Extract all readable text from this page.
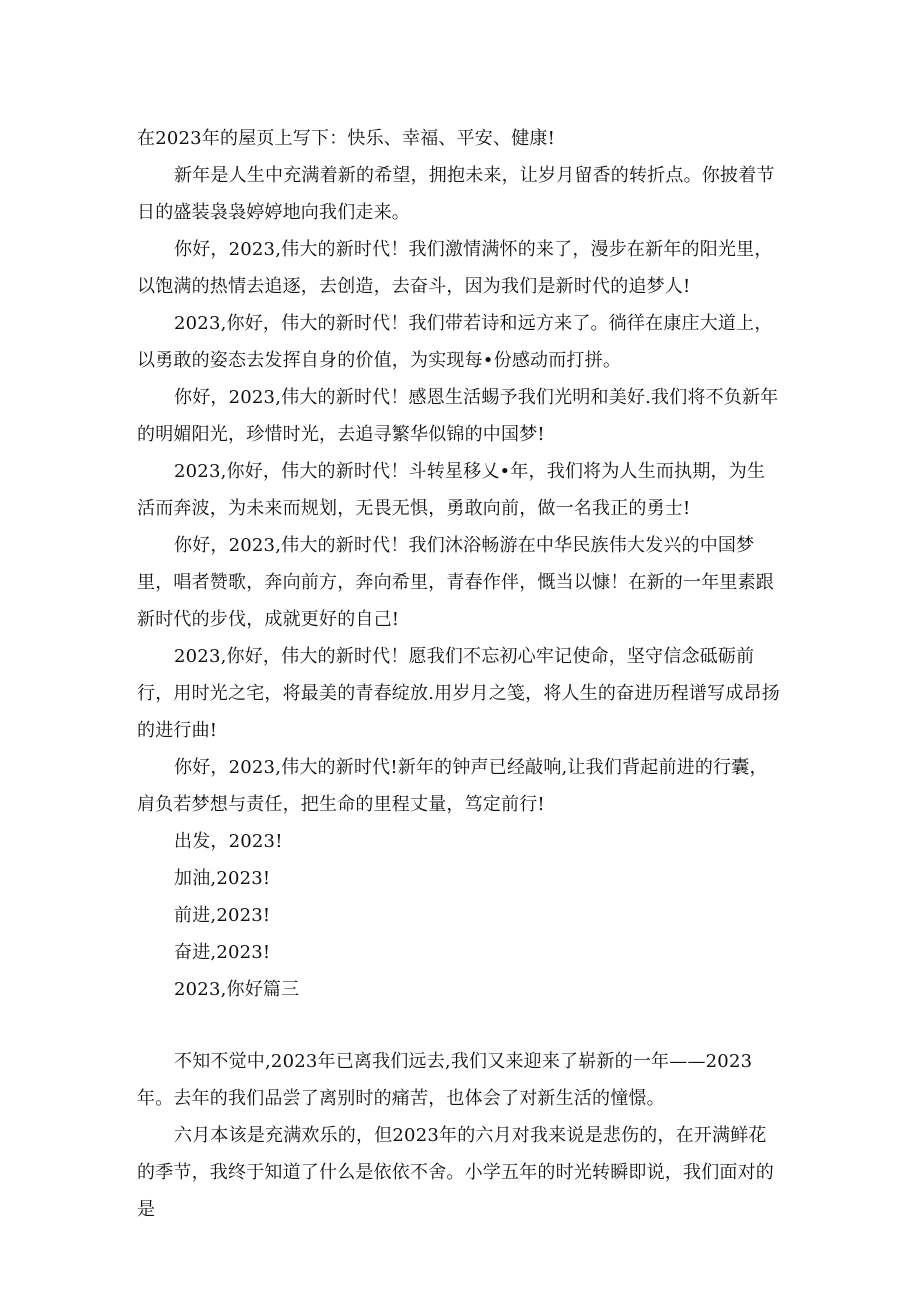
在2023年的屋页上写下：快乐、幸福、平安、健康!

新年是人生中充满着新的希望，拥抱未来，让岁月留香的转折点。你披着节日的盛装袅袅婷婷地向我们走来。

你好，2023,伟大的新时代！我们激情满怀的来了，漫步在新年的阳光里，以饱满的热情去追逐，去创造，去奋斗，因为我们是新时代的追梦人!

2023,你好，伟大的新时代！我们带若诗和远方来了。徜徉在康庄大道上，以勇敢的姿态去发挥自身的价值，为实现每•份感动而打拼。

你好，2023,伟大的新时代！感恩生活蜴予我们光明和美好.我们将不负新年的明媚阳光，珍惜时光，去追寻繁华似锦的中国梦!

2023,你好，伟大的新时代！斗转星移乂•年，我们将为人生而执期，为生活而奔波，为未来而规划，无畏无惧，勇敢向前，做一名我正的勇士!

你好，2023,伟大的新时代！我们沐浴畅游在中华民族伟大发兴的中国梦里，唱者赞歌，奔向前方，奔向希里，青春作伴，慨当以慷！在新的一年里素跟新时代的步伐，成就更好的自己!

2023,你好，伟大的新时代！愿我们不忘初心牢记使命，坚守信念砥砺前行，用时光之宅，将最美的青春绽放.用岁月之笺，将人生的奋进历程谱写成昂扬的进行曲!

你好，2023,伟大的新时代!新年的钟声已经敲响,让我们背起前进的行囊，肩负若梦想与责任，把生命的里程丈量，笃定前行!

出发，2023!

加油,2023!

前进,2023!

奋进,2023!

2023,你好篇三

不知不觉中,2023年已离我们远去,我们又来迎来了崭新的一年——2023年。去年的我们品尝了离别时的痛苦，也体会了对新生活的憧憬。

六月本该是充满欢乐的，但2023年的六月对我来说是悲伤的，在开满鲜花的季节，我终于知道了什么是依依不舍。小学五年的时光转瞬即说，我们面对的是
